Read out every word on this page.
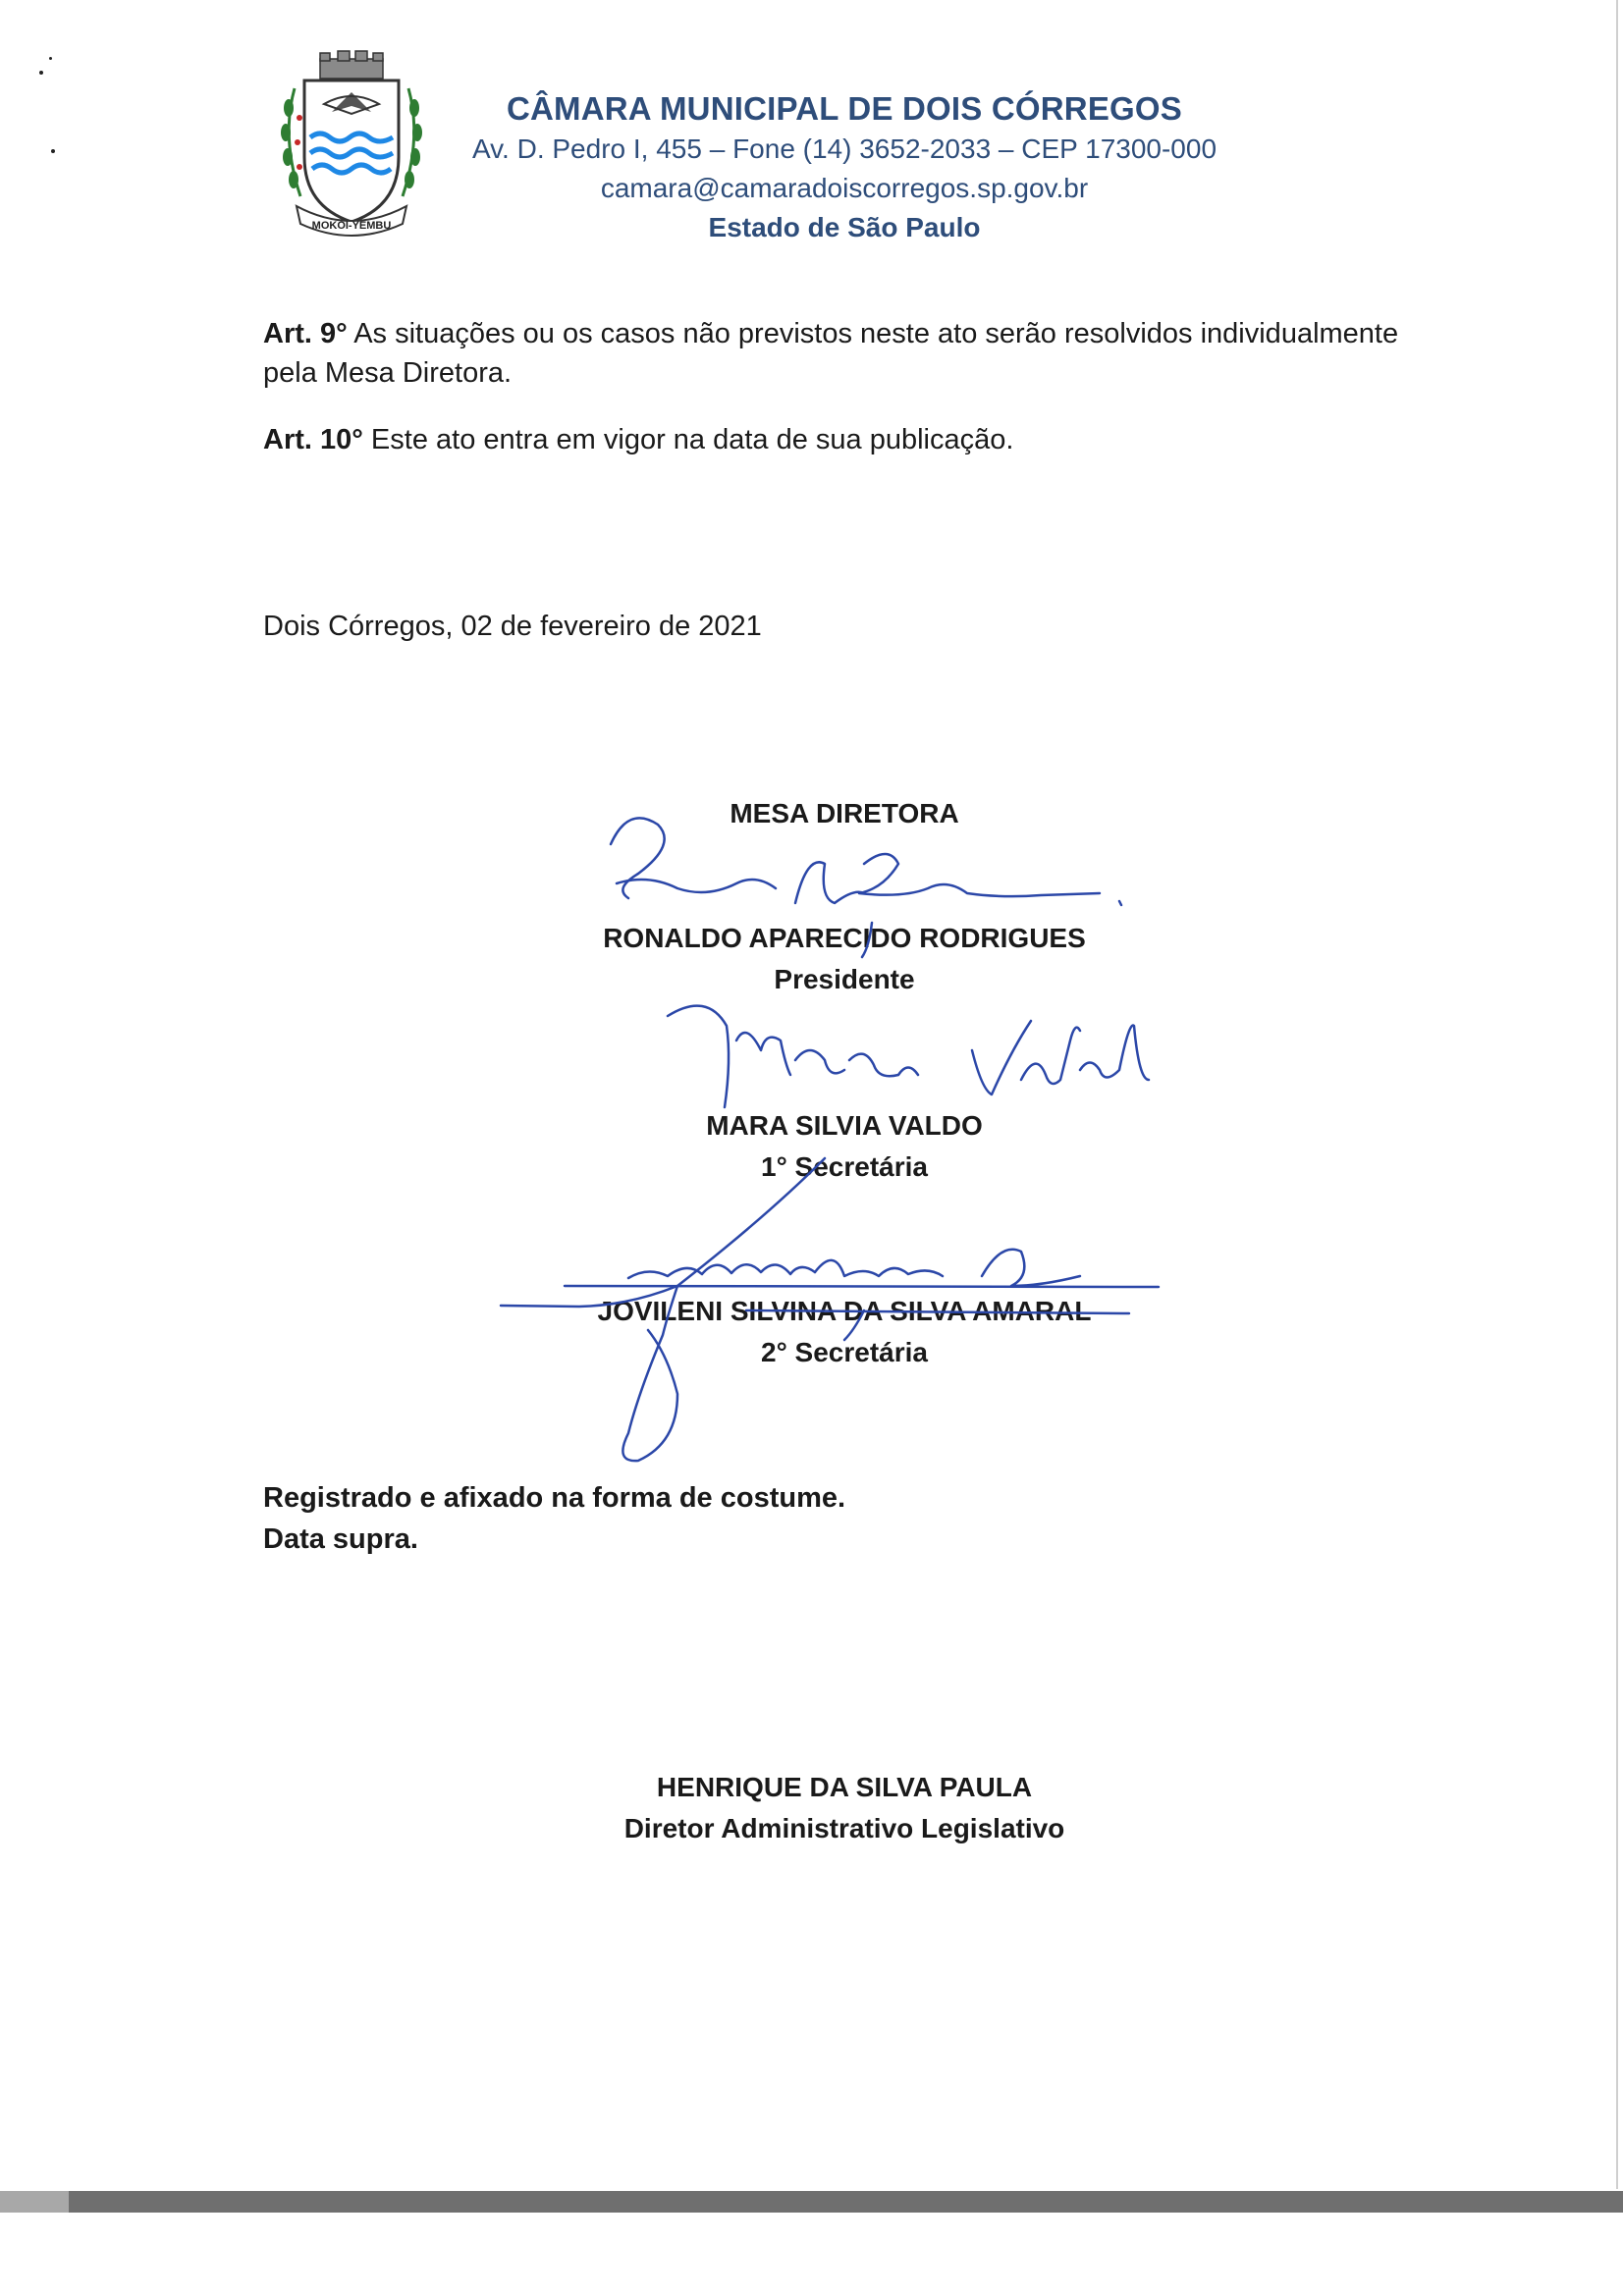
MOKOI-YEMBU
CÂMARA MUNICIPAL DE DOIS CÓRREGOS
Av. D. Pedro I, 455 – Fone (14) 3652-2033 – CEP 17300-000
camara@camaradoiscorregos.sp.gov.br
Estado de São Paulo
Art. 9° As situações ou os casos não previstos neste ato serão resolvidos individualmente pela Mesa Diretora.
Art. 10° Este ato entra em vigor na data de sua publicação.
Dois Córregos, 02 de fevereiro de 2021
MESA DIRETORA
RONALDO APARECIDO RODRIGUES
Presidente
MARA SILVIA VALDO
1° Secretária
JOVILENI SILVINA DA SILVA AMARAL
2° Secretária
Registrado e afixado na forma de costume.
Data supra.
HENRIQUE DA SILVA PAULA
Diretor Administrativo Legislativo
